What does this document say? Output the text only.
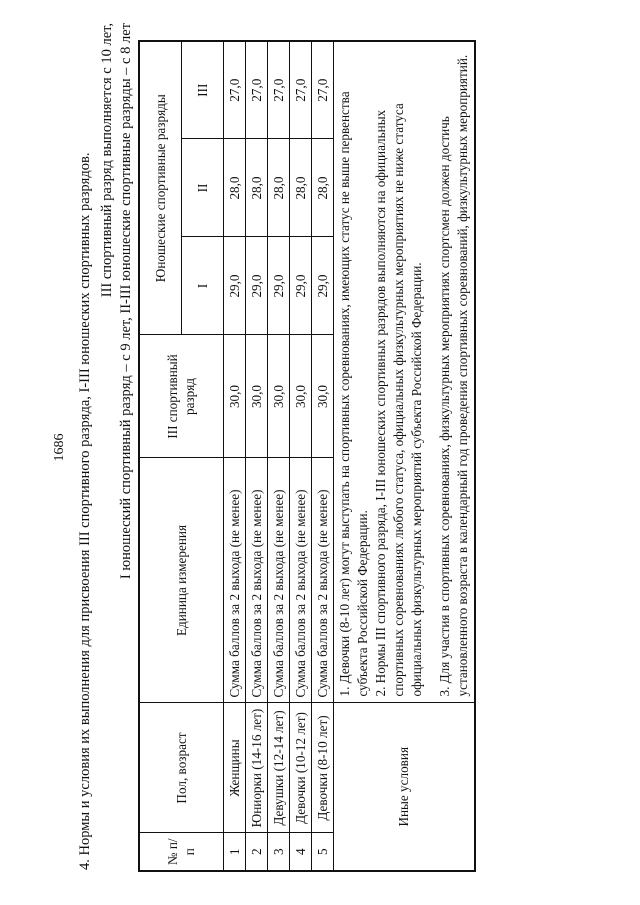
1686 4. Нормы и условия их выполнения для присвоения III спортивного разряда, I-III юношеских спортивных разрядов. III спортивный разряд выполняется с 10 лет, I юношеский спортивный разряд – с 9 лет, II-III юношеские спортивные разряды – с 8 лет
№ п/п	Пол, возраст	Единица измерения	III спортивный разряд	Юношеские спортивные разряды		
				I	II	III
1	Женщины	Сумма баллов за 2 выхода (не менее)	30,0	29,0	28,0	27,0
2	Юниорки (14-16 лет)	Сумма баллов за 2 выхода (не менее)	30,0	29,0	28,0	27,0
3	Девушки (12-14 лет)	Сумма баллов за 2 выхода (не менее)	30,0	29,0	28,0	27,0
4	Девочки (10-12 лет)	Сумма баллов за 2 выхода (не менее)	30,0	29,0	28,0	27,0
5	Девочки (8-10 лет)	Сумма баллов за 2 выхода (не менее)	30,0	29,0	28,0	27,0
Иные условия		1. Девочки (8-10 лет) могут выступать на спортивных соревнованиях, имеющих статус не выше первенства субъекта Российской Федерации. 2. Нормы III спортивного разряда, I-III юношеских спортивных разрядов выполняются на официальных спортивных соревнованиях любого статуса, официальных физкультурных мероприятиях не ниже статуса официальных физкультурных мероприятий субъекта Российской Федерации. 3. Для участия в спортивных соревнованиях, физкультурных мероприятиях спортсмен должен достичь установленного возраста в календарный год проведения спортивных соревнований, физкультурных мероприятий.				
